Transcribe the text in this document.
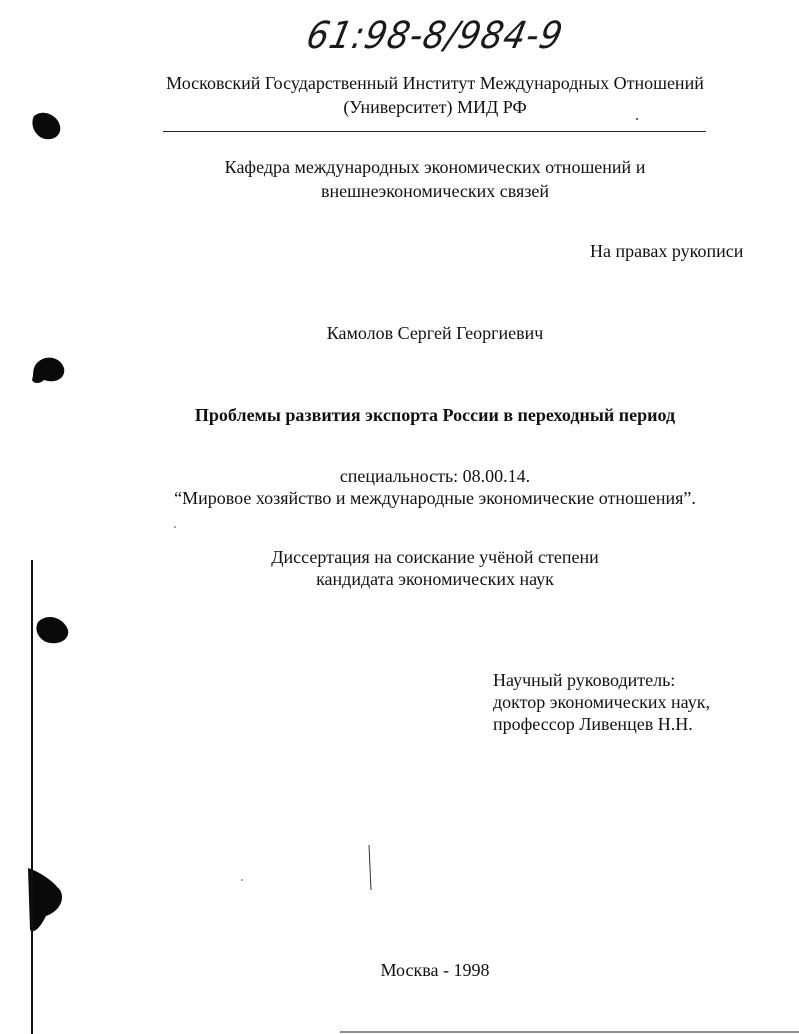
61:98-8/984-9
Московский Государственный Институт Международных Отношений
(Университет) МИД РФ
Кафедра международных экономических отношений и
внешнеэкономических связей
На правах рукописи
Камолов Сергей Георгиевич
Проблемы развития экспорта России в переходный период
специальность: 08.00.14.
“Мировое хозяйство и международные экономические отношения”.
Диссертация на соискание учёной степени
кандидата экономических наук
Научный руководитель:
доктор экономических наук,
профессор Ливенцев Н.Н.
Москва - 1998
